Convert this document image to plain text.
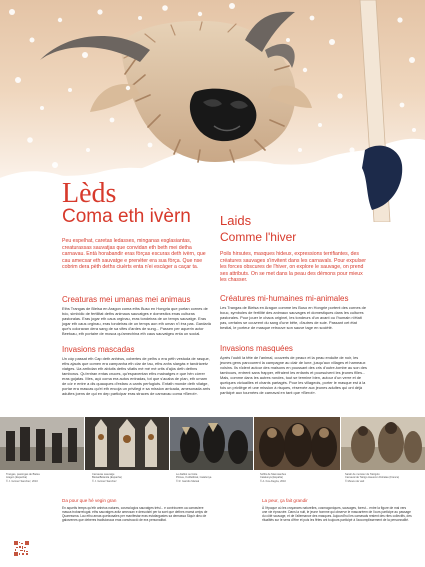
Lèds
Coma eth ivèrn Laids
Comme l'hiver
Peu espelhat, caretas ledasses, minganas esglasiantas, creaturassas sauvatjas que convidan eth beth mei detha carnavau. Entà horabandir eras fòrças escuras deth ivèrn, que cau amecsar eth sauvatge e prenéter era sua fòrça. Que nse cobrim dera pèth deths ciuèrts enta n'ei escàger a caçar ta.
Poils hirsutes, masques hideux, expressions terrifiantes, des créatures sauvages s'invitent dans les carnavals. Pour expulser les forces obscures de l'hiver, on explore le sauvage, on prend ses attributs. On se met dans la peau des démons pour mieux les chasser.
Creaturas mei umanas mei animaus
Eths Trangas de Bielsa en Aragon coma eths Buso en Hongria que portan cornes de bòc, simbòlic de fertilitat deths animaus sauvatges e domestics enas culturas pastoralas. Eras jogar eth caus orginau, eras tondeiras de un temps sauvatge. Eras jogar eth caus orginau, eras tondeiras de un temps aon eth uman n'i èra pas. Gardarià que's coloravan dera sang de sa vifes d'ardes de sung... Passen per aquerin actor Beetoau, eth portaire de mosca qu'amechina eth caus sauvatgeu enta un social.
Créatures mi-humaines mi-animales
Les Trangas de Bielsa en Aragon comme les Buso en Hongrie portent des cornes de bouc, symboles de fertilité des animaux sauvages et domestiques dans les cultures pastorales. Pour jouer le chaos originel, les tondeurs d'un avant ou l'humain n'était pas, certains se couvrent du sang d'une bête, d'autres de suie. Passant cet état bestial, le porteur de masque retrouve son sauve tage en société.
Invasions mascadas
Un còp passat eth Cap deth anhèus, cobertes de pelhs o era pèth vestuda de rasque, eths ajauts que comen era campanha eth clar de tau, eths anhs slargàs e tandràvetz viatges. Ua arribdan eth ablutis deths vilatis mé mé mé crits d'ajòs deth dethns tamborus. Qu'entran entas cruces, qu'espaventan eths mainatges e que hèn còrrer eras gojatas. Mes, açò coma era autos entradas, tot que s'acaba de plan, eth umam de còr e entre a dis quauques d'esfaru a cants perfugiuts. Entath monde deth vilatge, portar era mascas qu'ei eth encoja un privilegi e sa mission arricada, amesonada arris adultes joens de qui en dep participar eras straces de carnavau coma «Berot».
Invasions masquées
Après l'oubli la tête de l'animal, couverts de peaux et la peau enduite de noir, les jeunes gens parcourent la campagne au clair de lune, jusqu'aux villages et hameaux voisins. Ils rôdent autour des maisons en poussant des cris d'outre-tombe au son des tambours, entrent sans frapper, effraient les enfants et poursuivent les jeunes filles... Mais, comme dans les autres rondes, tout se termine bien, autour d'un verre et de quelques victuailles et chants partagés. Pour les villageois, porter le masque est à la fois un privilège et une mission à risques, réservée aux jeunes adultes qui ont déjà participé aux tournées de carnaval en tant que «Berot».
Trangas, pastorgas de Bielsa
Aragon (Espanha)
© J. Gómez Sanchez, 2010
Carnavau sauvatge
Bielsa/Bétanila (Espanha)
© J. Gómez Sanchez
Le diablot ou botte
Pirineu, Kultfeldinal, Catalunya
© R. Garrido Marsal
Soffrà de Mamoianhes
Catalunya (España)
© A. Fos Alegria, 2010
Sarah de monster de Tatrigolo
Carnaval de Tatrigo Hauszen Dohalas (France)
© Musèu de vieil
Da pour que hé vegin gran
En aquetis temps qu'eth anhèus natures, cosmologics sauvatges trèsl... e conèixurem ua carnaviere masca trobarrelugat. eths sauvatges avitz amecsan e desvoistri per ta soet que dethes mamà arrips de Quaressma. Lau ethu arnas quetzosales per manifestar eras estofargastes sa demassa Siquir dieu de gaiosrenes que deberes tradisionauz eras construcció de era personalitat.
La peur, ça fait grandir
À l'époque où les croyances naturelles, cosmogoniques, sauvages, forest... entre la figure de mai vers une vie éprouvée. Dans la nuit, le jeune homme qui observe le mascaréem de l'ours participe au passage du côté sauvage, et de l'alternance des masques. Aujourd'hui les carnavals restent des rites collectifs, des ritualités sur le sens d'être et puis les fêtes ont toujours participé à l'accomplissement de la personnalité.
